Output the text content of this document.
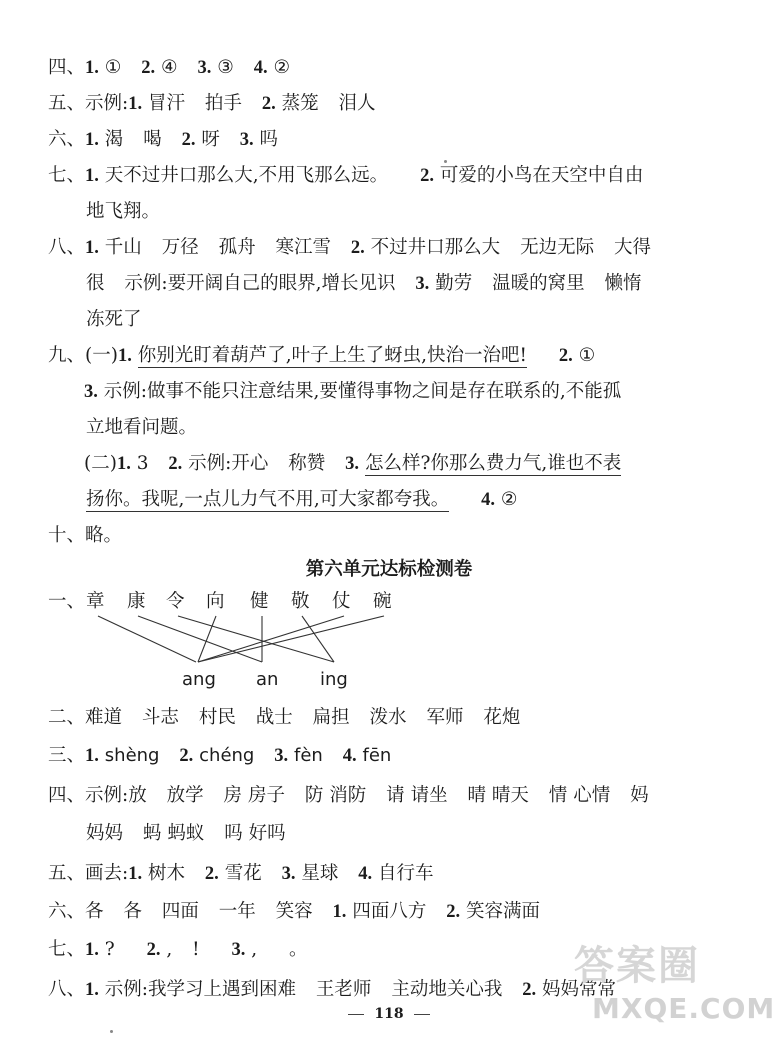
四、1. ① 2. ④ 3. ③ 4. ②
五、示例:1. 冒汗 拍手 2. 蒸笼 泪人
六、1. 渴 喝 2. 呀 3. 吗
七、1. 天不过井口那么大,不用飞那么远。 2. 可爱的小鸟在天空中自由
地飞翔。
八、1. 千山 万径 孤舟 寒江雪 2. 不过井口那么大 无边无际 大得
很 示例:要开阔自己的眼界,增长见识 3. 勤劳 温暖的窝里 懒惰
冻死了
九、(一)1. 你别光盯着葫芦了,叶子上生了蚜虫,快治一治吧! 2. ①
3. 示例:做事不能只注意结果,要懂得事物之间是存在联系的,不能孤
立地看问题。
(二)1. 3 2. 示例:开心 称赞 3. 怎么样?你那么费力气,谁也不表
扬你。我呢,一点儿力气不用,可大家都夸我。 4. ②
十、略。
第六单元达标检测卷
一、 章 康 令 向 健 敬 仗 碗
ang an ing
二、难道 斗志 村民 战士 扁担 泼水 军师 花炮
三、1. shèng 2. chéng 3. fèn 4. fēn
四、示例:放 放学 房 房子 防 消防 请 请坐 晴 晴天 情 心情 妈
妈妈 蚂 蚂蚁 吗 好吗
五、画去:1. 树木 2. 雪花 3. 星球 4. 自行车
六、各 各 四面 一年 笑容 1. 四面八方 2. 笑容满面
七、1. ? 2. , ! 3. , 。
八、1. 示例:我学习上遇到困难 王老师 主动地关心我 2. 妈妈常常
118
答案圈
MXQE.COM
